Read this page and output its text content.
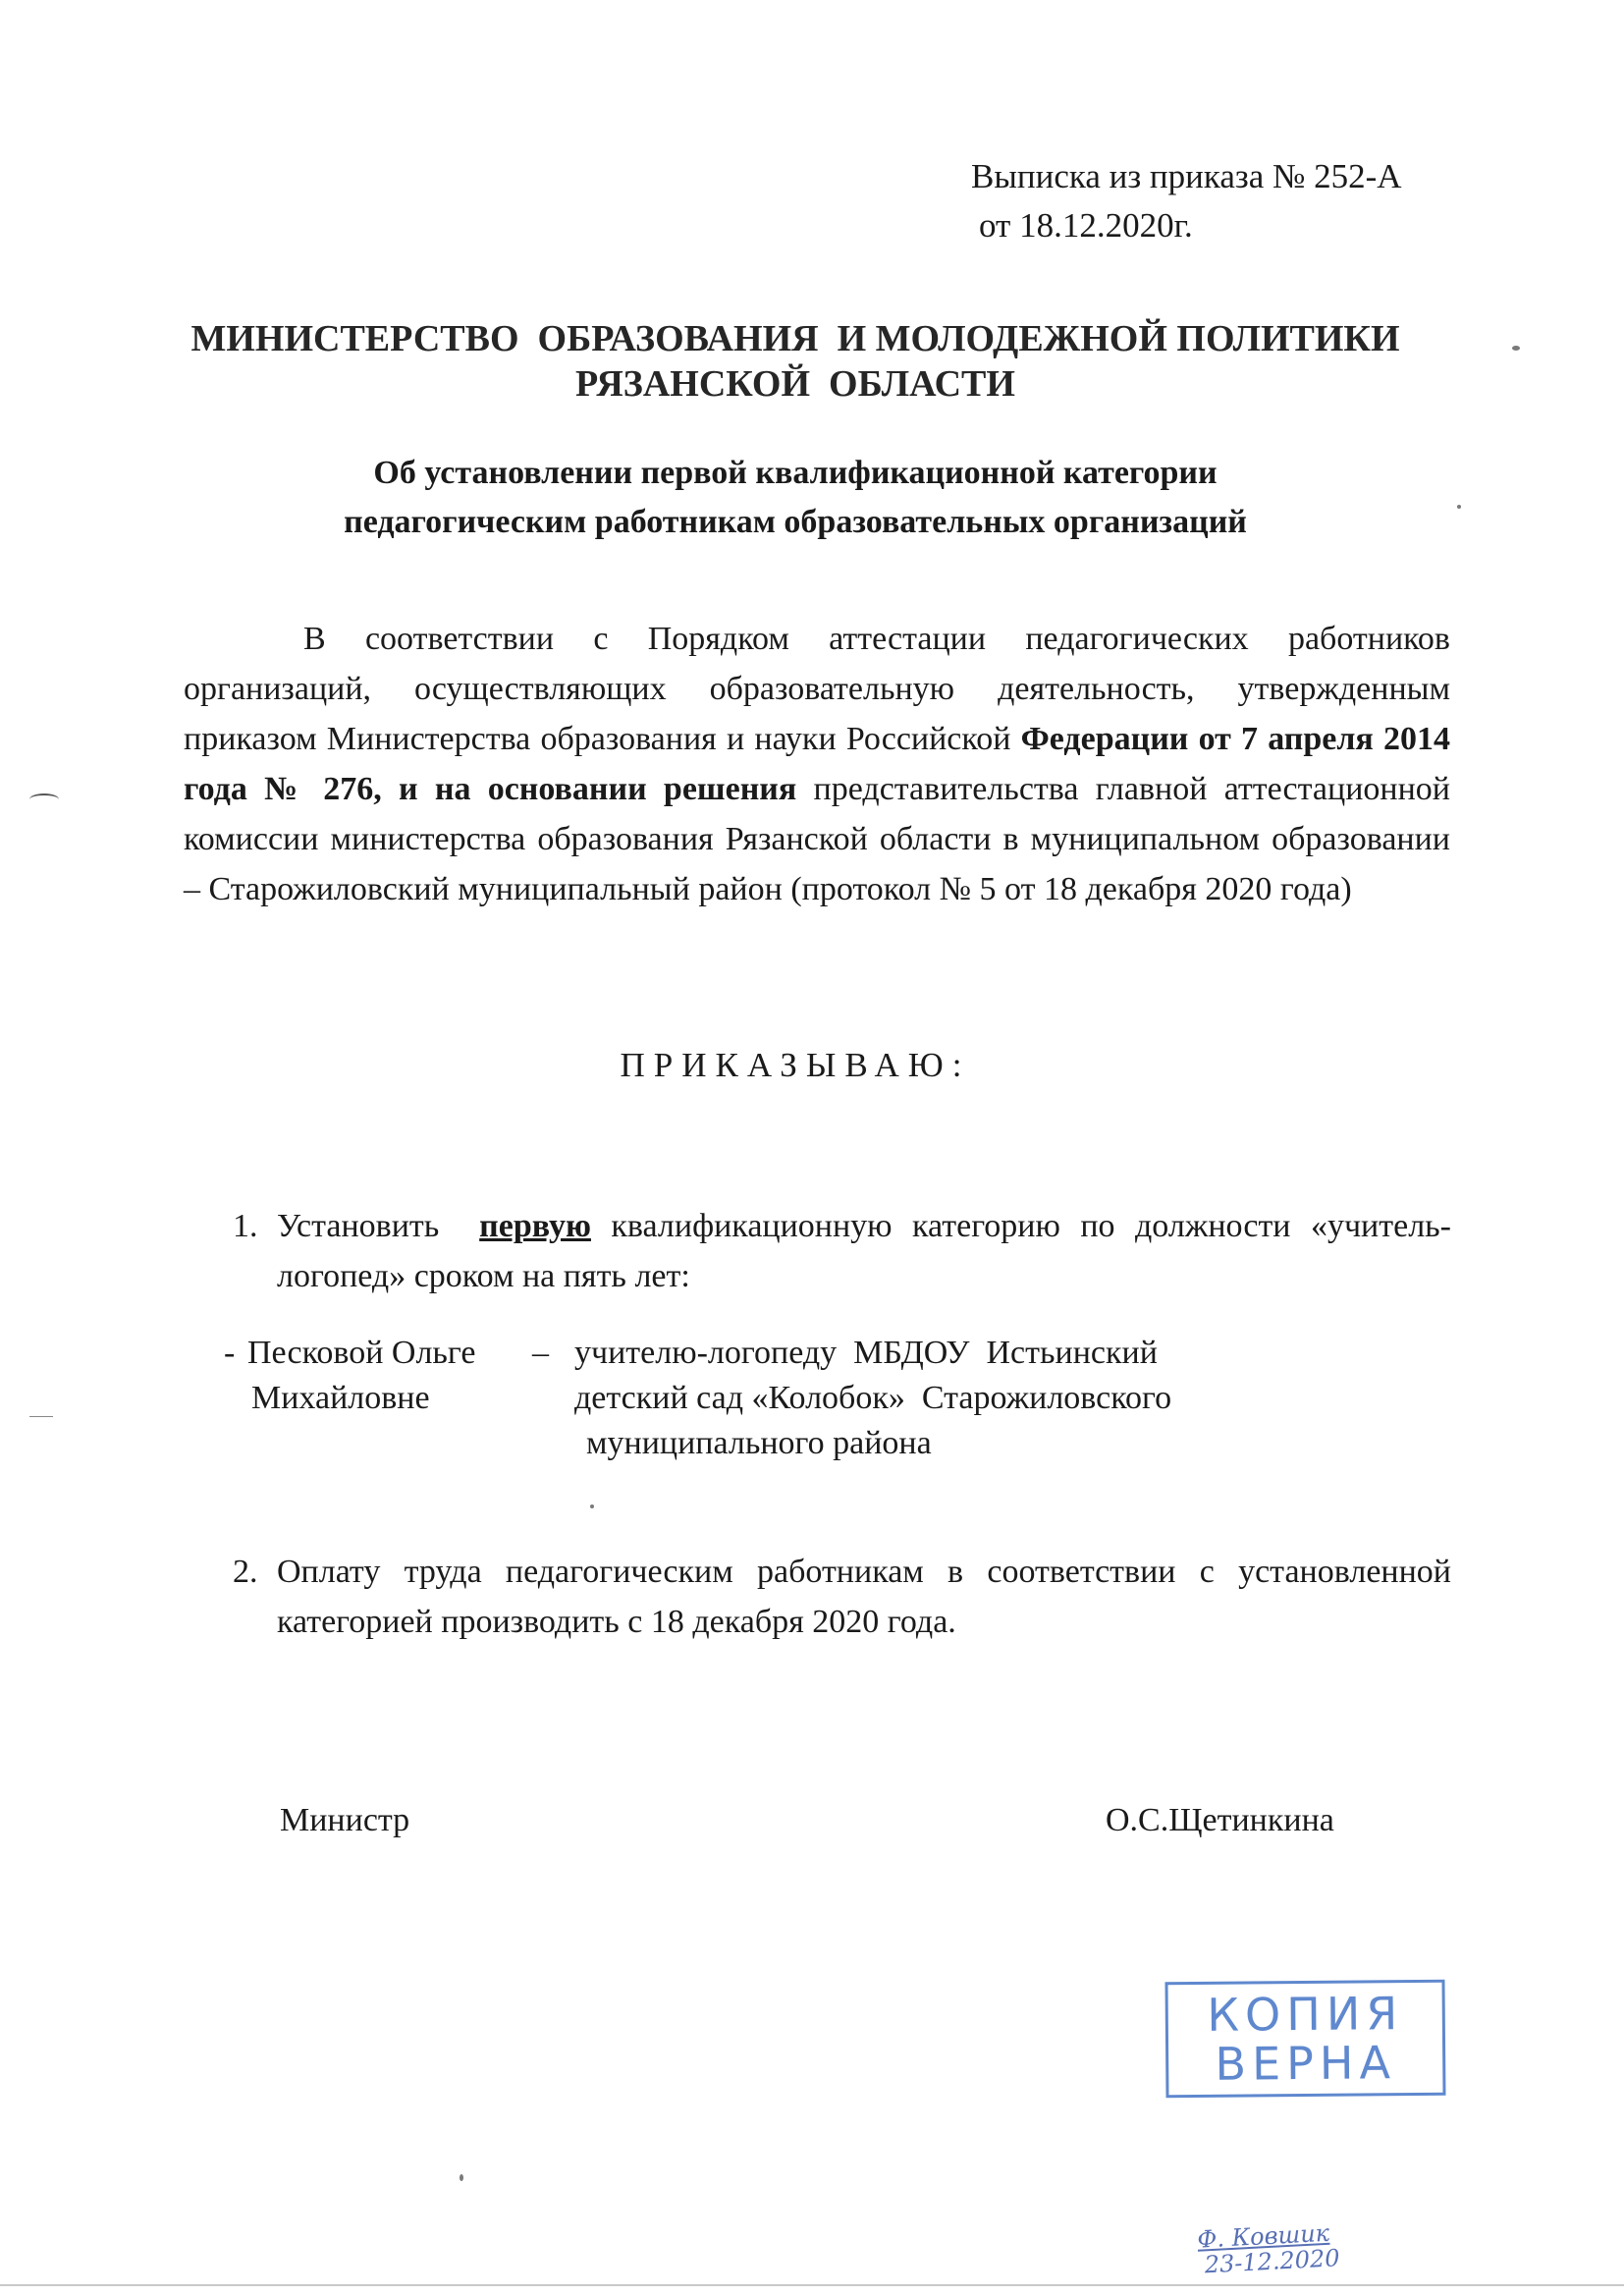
Выписка из приказа № 252-А
от 18.12.2020г.
МИНИСТЕРСТВО  ОБРАЗОВАНИЯ  И МОЛОДЕЖНОЙ ПОЛИТИКИ
РЯЗАНСКОЙ  ОБЛАСТИ
Об установлении первой квалификационной категории
педагогическим работникам образовательных организаций
В соответствии с Порядком аттестации педагогических работников организаций, осуществляющих образовательную деятельность, утвержденным приказом Министерства образования и науки Российской Федерации от 7 апреля 2014 года № 276, и на основании решения представительства главной аттестационной комиссии министерства образования Рязанской области в муниципальном образовании – Старожиловский муниципальный район (протокол № 5 от 18 декабря 2020 года)
ПРИКАЗЫВАЮ:
1. Установить  первую квалификационную категорию по должности «учитель-логопед» сроком на пять лет:
- Песковой Ольге
Михайловне
– учителю-логопеду  МБДОУ  Истьинский
детский сад «Колобок»  Старожиловского
муниципального района
2. Оплату труда педагогическим работникам в соответствии с установленной категорией производить с 18 декабря 2020 года.
Министр	О.С.Щетинкина
КОПИЯ
ВЕРНА
Ф. Ковшик
23-12.2020
